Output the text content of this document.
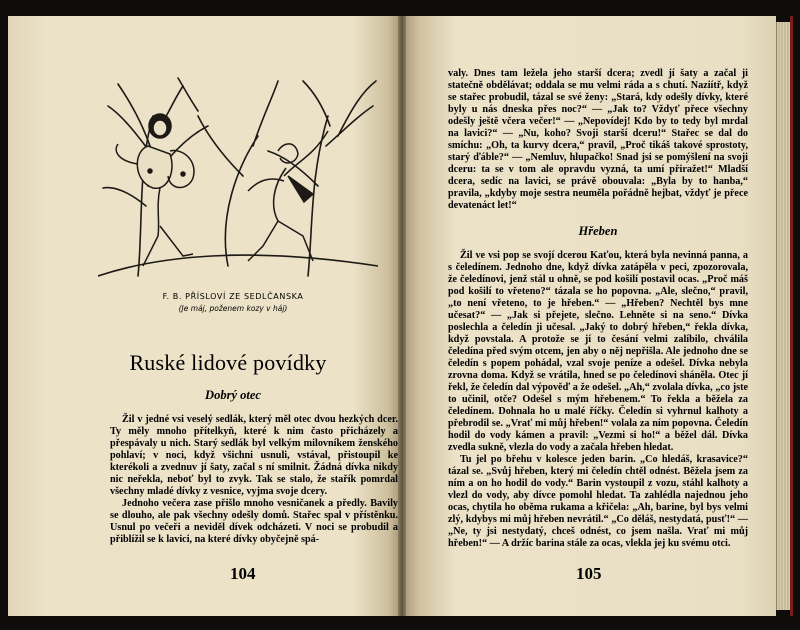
F. B. PŘÍSLOVÍ ZE SEDLČANSKA
(Je máj, poženem kozy v háj)
Ruské lidové povídky
Dobrý otec

Žil v jedné vsi veselý sedlák, který měl otec dvou hezkých dcer. Ty měly mnoho přítelkyň, které k nim často přicházely a přespávaly u nich. Starý sedlák byl velkým milovníkem ženského pohlaví; v noci, když všichni usnuli, vstával, přistoupil ke kterékoli a zvednuv jí šaty, začal s ní smilnit. Žádná dívka nikdy nic neřekla, neboť byl to zvyk. Tak se stalo, že stařík pomrdal všechny mladé dívky z vesnice, vyjma svoje dcery.

Jednoho večera zase přišlo mnoho vesničanek a předly. Bavily se dlouho, ale pak všechny odešly domů. Stařec spal v přístěnku. Usnul po večeři a neviděl dívek odcházeti. V noci se probudil a přiblížil se k lavici, na které dívky obyčejně spá-

104

valy. Dnes tam ležela jeho starší dcera; zvedl jí šaty a začal ji statečně obdělávat; oddala se mu velmi ráda a s chutí. Naziítř, když se stařec probudil, tázal se své ženy: „Stará, kdy odešly dívky, které byly u nás dneska přes noc?“ — „Jak to? Vždyť přece všechny odešly ještě včera večer!“ — „Nepovídej! Kdo by to tedy byl mrdal na lavici?“ — „Nu, koho? Svoji starší dceru!“ Stařec se dal do smíchu: „Oh, ta kurvy dcera,“ pravil, „Proč tikáš takové sprostoty, starý ďáble?“ — „Nemluv, hlupačko! Snad jsi se pomýšlení na svoji dceru: ta se v tom ale opravdu vyzná, ta umí přiražet!“ Mladší dcera, sedíc na lavici, se právě obouvala: „Byla by to hanba,“ pravila, „kdyby moje sestra neuměla pořádně hejbat, vždyť je přece devatenáct let!“

Hřeben

Žil ve vsi pop se svojí dcerou Kaťou, která byla nevinná panna, a s čeledínem. Jednoho dne, když dívka zatápěla v peci, zpozorovala, že čeledínovi, jenž stál u ohně, se pod košilí postavil ocas. „Proč máš pod košilí to vřeteno?“ tázala se ho popovna. „Ale, slečno,“ pravil, „to není vřeteno, to je hřeben.“ — „Hřeben? Nechtěl bys mne učesat?“ — „Jak si přejete, slečno. Lehněte si na seno.“ Dívka poslechla a čeledín ji učesal. „Jaký to dobrý hřeben,“ řekla dívka, když povstala. A protože se jí to česání velmi zalíbilo, chválila čeledína před svým otcem, jen aby o něj nepřišla. Ale jednoho dne se čeledín s popem pohádal, vzal svoje peníze a odešel. Dívka nebyla zrovna doma. Když se vrátila, hned se po čeledínovi sháněla. Otec jí řekl, že čeledín dal výpověď a že odešel. „Ah,“ zvolala dívka, „co jste to učinil, otče? Odešel s mým hřebenem.“ To řekla a běžela za čeledínem. Dohnala ho u malé říčky. Čeledín si vyhrnul kalhoty a přebrodil se. „Vrať mi můj hřeben!“ volala za ním popovna. Čeledín hodil do vody kámen a pravil: „Vezmi si ho!“ a běžel dál. Dívka zvedla sukně, vlezla do vody a začala hřeben hledat.

Tu jel po břehu v kolesce jeden barin. „Co hledáš, krasavice?“ tázal se. „Svůj hřeben, který mi čeledín chtěl odnést. Běžela jsem za ním a on ho hodil do vody.“ Barin vystoupil z vozu, stáhl kalhoty a vlezl do vody, aby dívce pomohl hledat. Ta zahlédla najednou jeho ocas, chytila ho oběma rukama a křičela: „Ah, barine, byl bys velmi zlý, kdybys mi můj hřeben nevrátil.“ „Co děláš, nestydatá, pusť!“ — „Ne, ty jsi nestydatý, chceš odnést, co jsem našla. Vrať mi můj hřeben!“ — A držíc barina stále za ocas, vlekla jej ku svému otci.

105
